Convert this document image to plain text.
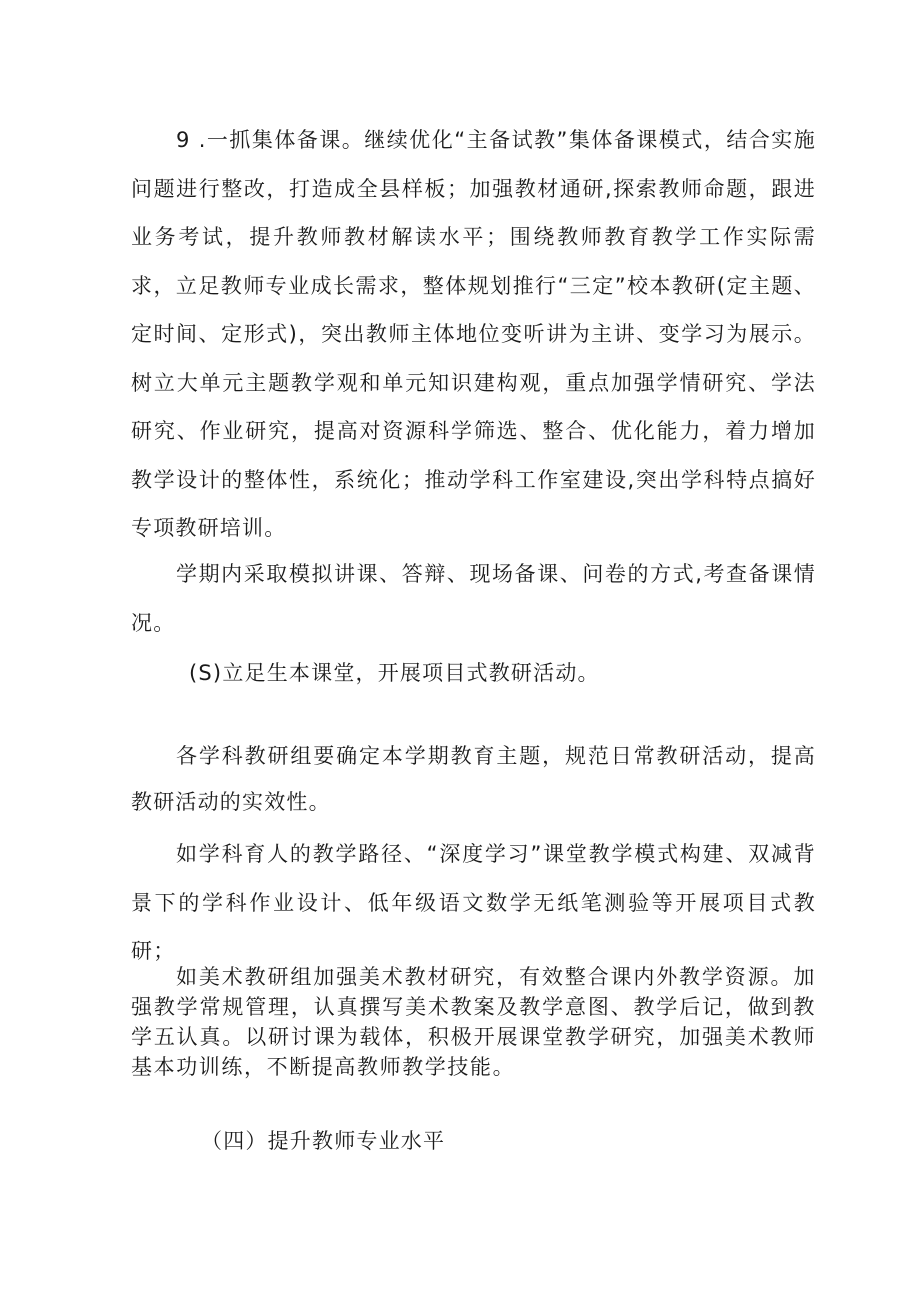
9 .一抓集体备课。继续优化“主备试教”集体备课模式，结合实施问题进行整改，打造成全县样板；加强教材通研,探索教师命题，跟进业务考试，提升教师教材解读水平；围绕教师教育教学工作实际需求，立足教师专业成长需求，整体规划推行“三定”校本教研(定主题、定时间、定形式)，突出教师主体地位变听讲为主讲、变学习为展示。树立大单元主题教学观和单元知识建构观，重点加强学情研究、学法研究、作业研究，提高对资源科学筛选、整合、优化能力，着力增加教学设计的整体性，系统化；推动学科工作室建设,突出学科特点搞好专项教研培训。

学期内采取模拟讲课、答辩、现场备课、问卷的方式,考查备课情况。

(S)立足生本课堂，开展项目式教研活动。

各学科教研组要确定本学期教育主题，规范日常教研活动，提高教研活动的实效性。

如学科育人的教学路径、“深度学习”课堂教学模式构建、双减背景下的学科作业设计、低年级语文数学无纸笔测验等开展项目式教研；

如美术教研组加强美术教材研究，有效整合课内外教学资源。加强教学常规管理，认真撰写美术教案及教学意图、教学后记，做到教学五认真。以研讨课为载体，积极开展课堂教学研究，加强美术教师基本功训练，不断提高教师教学技能。

（四）提升教师专业水平
